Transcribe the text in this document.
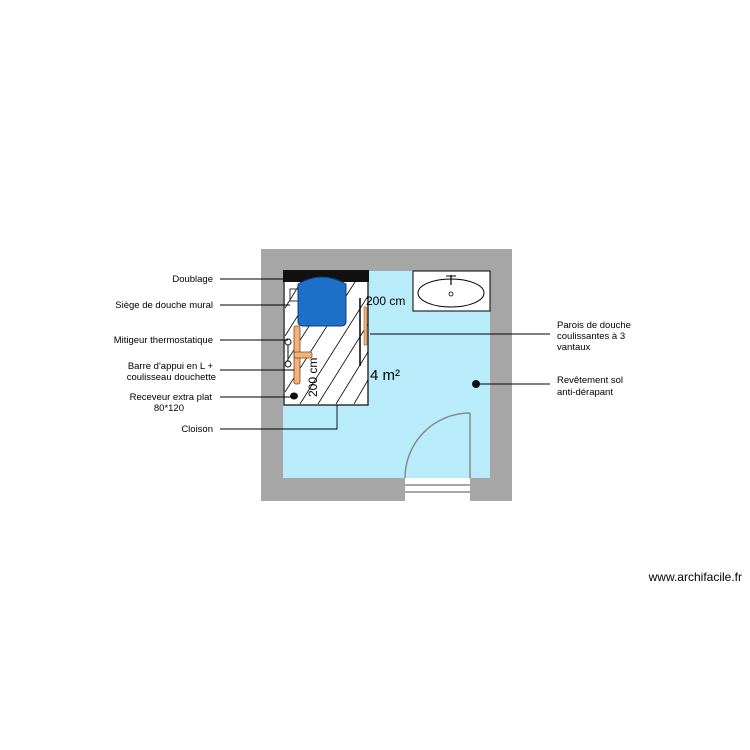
Doublage
Siège de douche mural
Mitigeur thermostatique
Barre d'appui en L +
coulisseau douchette
Receveur extra plat
80*120
Cloison
Parois de douche
coulissantes à 3
vantaux
Revêtement sol
anti-dérapant
200 cm
200 cm	4 m²
www.archifacile.fr
